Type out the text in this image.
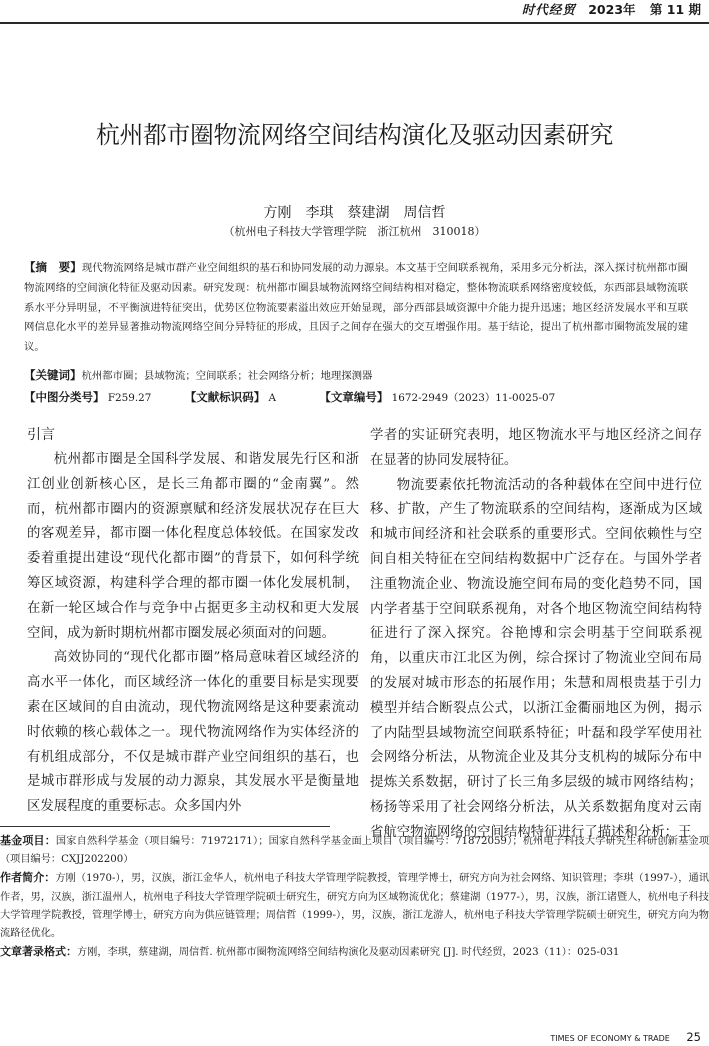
时代经贸 2023年 第 11 期
杭州都市圈物流网络空间结构演化及驱动因素研究
方刚　李琪　蔡建湖　周信哲
（杭州电子科技大学管理学院　浙江杭州　310018）
【摘　要】现代物流网络是城市群产业空间组织的基石和协同发展的动力源泉。本文基于空间联系视角，采用多元分析法，深入探讨杭州都市圈物流网络的空间演化特征及驱动因素。研究发现：杭州都市圈县域物流网络空间结构相对稳定，整体物流联系网络密度较低，东西部县域物流联系水平分异明显，不平衡演进特征突出，优势区位物流要素溢出效应开始显现，部分西部县域资源中介能力提升迅速；地区经济发展水平和互联网信息化水平的差异显著推动物流网络空间分异特征的形成，且因子之间存在强大的交互增强作用。基于结论，提出了杭州都市圈物流发展的建议。
【关键词】杭州都市圈；县域物流；空间联系；社会网络分析；地理探测器
【中图分类号】 F259.27	【文献标识码】 A	【文章编号】 1672-2949（2023）11-0025-07
引言

杭州都市圈是全国科学发展、和谐发展先行区和浙江创业创新核心区，是长三角都市圈的“金南翼”。然而，杭州都市圈内的资源禀赋和经济发展状况存在巨大的客观差异，都市圈一体化程度总体较低。在国家发改委着重提出建设“现代化都市圈”的背景下，如何科学统筹区域资源，构建科学合理的都市圈一体化发展机制，在新一轮区域合作与竞争中占据更多主动权和更大发展空间，成为新时期杭州都市圈发展必须面对的问题。

高效协同的“现代化都市圈”格局意味着区域经济的高水平一体化，而区域经济一体化的重要目标是实现要素在区域间的自由流动，现代物流网络是这种要素流动时依赖的核心载体之一。现代物流网络作为实体经济的有机组成部分，不仅是城市群产业空间组织的基石，也是城市群形成与发展的动力源泉，其发展水平是衡量地区发展程度的重要标志。众多国内外

学者的实证研究表明，地区物流水平与地区经济之间存在显著的协同发展特征。

物流要素依托物流活动的各种载体在空间中进行位移、扩散，产生了物流联系的空间结构，逐渐成为区域和城市间经济和社会联系的重要形式。空间依赖性与空间自相关特征在空间结构数据中广泛存在。与国外学者注重物流企业、物流设施空间布局的变化趋势不同，国内学者基于空间联系视角，对各个地区物流空间结构特征进行了深入探究。谷艳博和宗会明基于空间联系视角，以重庆市江北区为例，综合探讨了物流业空间布局的发展对城市形态的拓展作用；朱慧和周根贵基于引力模型并结合断裂点公式，以浙江金衢丽地区为例，揭示了内陆型县域物流空间联系特征；叶磊和段学军使用社会网络分析法，从物流企业及其分支机构的城际分布中提炼关系数据，研讨了长三角多层级的城市网络结构；杨扬等采用了社会网络分析法，从关系数据角度对云南省航空物流网络的空间结构特征进行了描述和分析；王

基金项目：国家自然科学基金（项目编号：71972171）；国家自然科学基金面上项目（项目编号：71872059）；杭州电子科技大学研究生科研创新基金项（项目编号：CXJJ202200）

作者简介：方刚（1970-），男，汉族，浙江金华人，杭州电子科技大学管理学院教授，管理学博士，研究方向为社会网络、知识管理；李琪（1997-），通讯作者，男，汉族，浙江温州人，杭州电子科技大学管理学院硕士研究生，研究方向为区域物流优化；蔡建湖（1977-），男，汉族，浙江诸暨人，杭州电子科技大学管理学院教授，管理学博士，研究方向为供应链管理；周信哲（1999-），男，汉族，浙江龙游人，杭州电子科技大学管理学院硕士研究生，研究方向为物流路径优化。

文章著录格式：方刚，李琪，蔡建湖，周信哲. 杭州都市圈物流网络空间结构演化及驱动因素研究 [J]. 时代经贸，2023（11）：025-031

TIMES OF ECONOMY & TRADE 25
